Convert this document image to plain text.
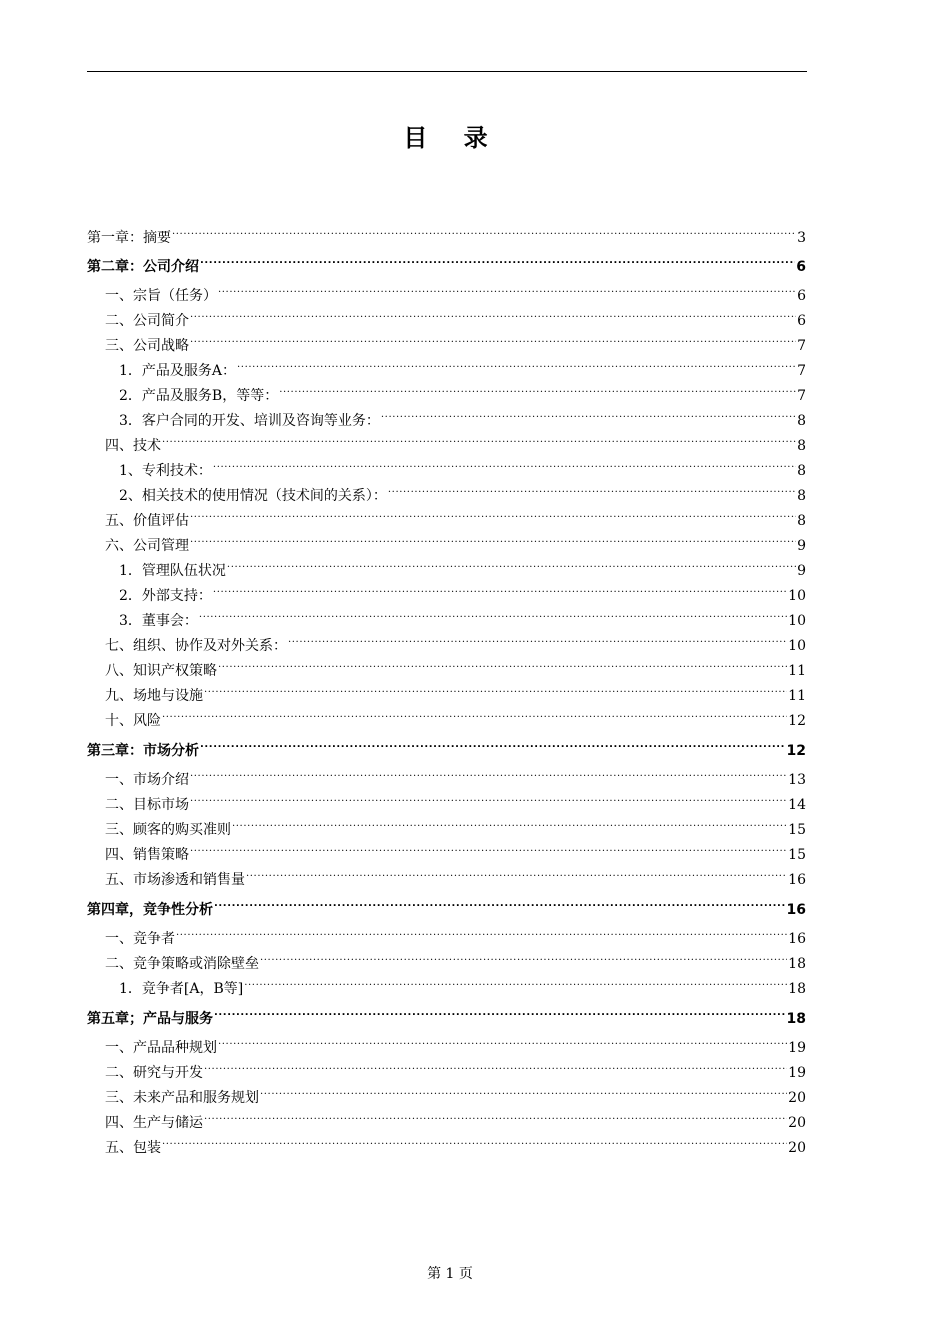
目 录
第一章：摘要 .....	3
第二章：公司介绍 .....	6
一、宗旨（任务） .....	6
二、公司简介 .....	6
三、公司战略 .....	7
1．产品及服务A： .....	7
2．产品及服务B，等等： .....	7
3．客户合同的开发、培训及咨询等业务： .....	8
四、技术 .....	8
1、专利技术： .....	8
2、相关技术的使用情况（技术间的关系）： .....	8
五、价值评估 .....	8
六、公司管理 .....	9
1．管理队伍状况 .....	9
2．外部支持： .....	10
3．董事会： .....	10
七、组织、协作及对外关系： .....	10
八、知识产权策略 .....	11
九、场地与设施 .....	11
十、风险 .....	12
第三章：市场分析 .....	12
一、市场介绍 .....	13
二、目标市场 .....	14
三、顾客的购买准则 .....	15
四、销售策略 .....	15
五、市场渗透和销售量 .....	16
第四章，竞争性分析 .....	16
一、竞争者 .....	16
二、竞争策略或消除壁垒 .....	18
1．竞争者[A，B等] .....	18
第五章；产品与服务 .....	18
一、产品品种规划 .....	19
二、研究与开发 .....	19
三、未来产品和服务规划 .....	20
四、生产与储运 .....	20
五、包装 .....	20
第 1 页
